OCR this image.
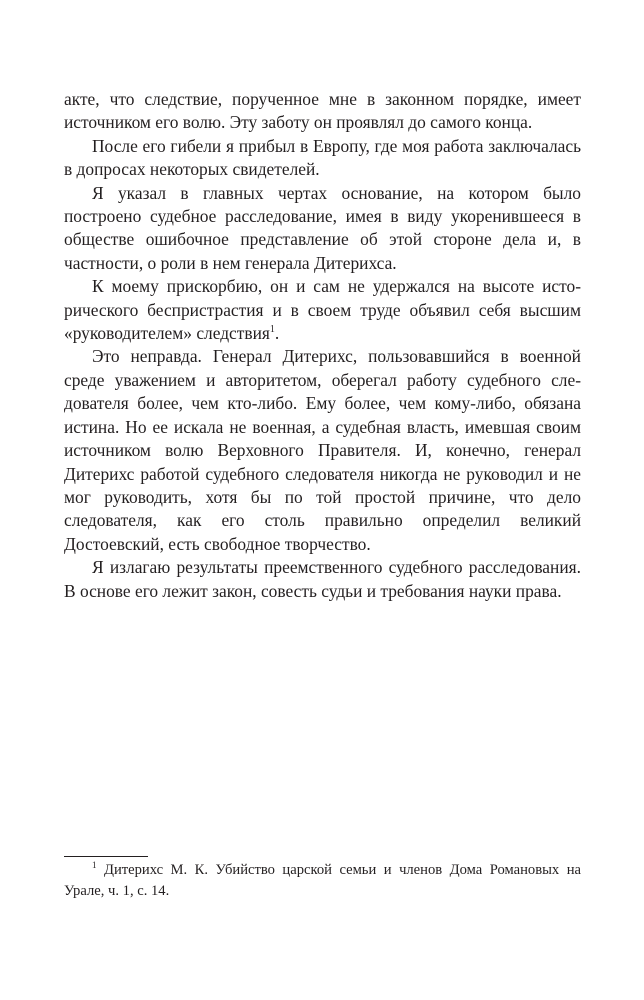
акте, что следствие, порученное мне в законном порядке, имеет источником его волю. Эту заботу он проявлял до самого конца.

После его гибели я прибыл в Европу, где моя работа заключалась в допросах некоторых свидетелей.

Я указал в главных чертах основание, на котором было построено судебное расследование, имея в виду укоренившееся в обществе ошибочное представление об этой стороне дела и, в частности, о роли в нем генерала Дитерихса.

К моему прискорбию, он и сам не удержался на высоте исторического беспристрастия и в своем труде объявил себя высшим «руководителем» следствия$^1$.

Это неправда. Генерал Дитерихс, пользовавшийся в военной среде уважением и авторитетом, оберегал работу судебного следователя более, чем кто-либо. Ему более, чем кому-либо, обязана истина. Но ее искала не военная, а судебная власть, имевшая своим источником волю Верховного Правителя. И, конечно, генерал Дитерихс работой судебного следователя никогда не руководил и не мог руководить, хотя бы по той простой причине, что дело следователя, как его столь правильно определил великий Достоевский, есть свободное творчество.

Я излагаю результаты преемственного судебного расследования. В основе его лежит закон, совесть судьи и требования науки права.

$^1$ Дитерихс М. К. Убийство царской семьи и членов Дома Романовых на Урале, ч. 1, с. 14.
